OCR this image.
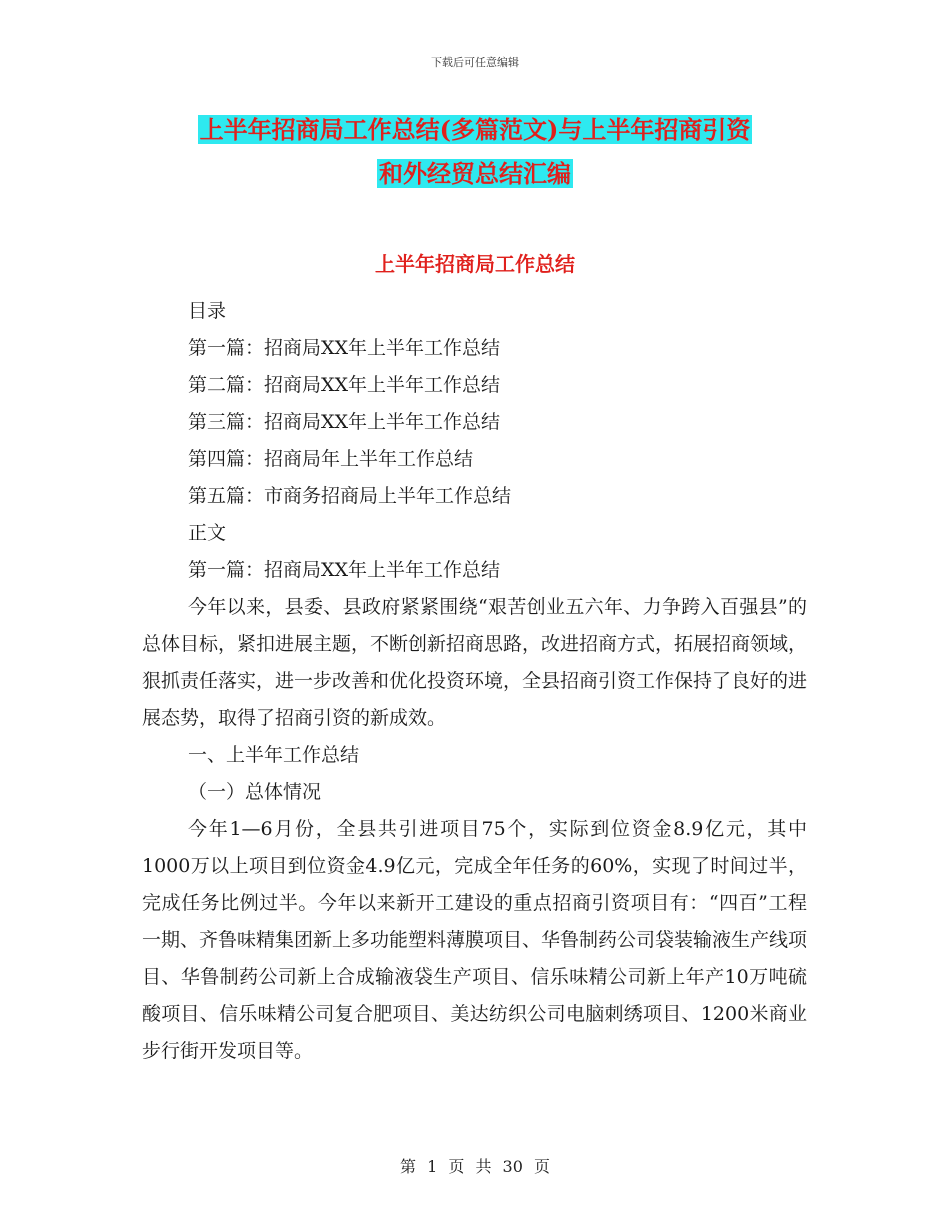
下载后可任意编辑
上半年招商局工作总结(多篇范文)与上半年招商引资
和外经贸总结汇编
上半年招商局工作总结
目录
第一篇：招商局XX年上半年工作总结
第二篇：招商局XX年上半年工作总结
第三篇：招商局XX年上半年工作总结
第四篇：招商局年上半年工作总结
第五篇：市商务招商局上半年工作总结
正文
第一篇：招商局XX年上半年工作总结
今年以来，县委、县政府紧紧围绕“艰苦创业五六年、力争跨入百强县”的总体目标，紧扣进展主题，不断创新招商思路，改进招商方式，拓展招商领域，狠抓责任落实，进一步改善和优化投资环境，全县招商引资工作保持了良好的进展态势，取得了招商引资的新成效。
一、上半年工作总结
（一）总体情况
今年1—6月份，全县共引进项目75个，实际到位资金8.9亿元，其中1000万以上项目到位资金4.9亿元，完成全年任务的60%，实现了时间过半，完成任务比例过半。今年以来新开工建设的重点招商引资项目有：“四百”工程一期、齐鲁味精集团新上多功能塑料薄膜项目、华鲁制药公司袋装输液生产线项目、华鲁制药公司新上合成输液袋生产项目、信乐味精公司新上年产10万吨硫酸项目、信乐味精公司复合肥项目、美达纺织公司电脑刺绣项目、1200米商业步行街开发项目等。
第 1 页 共 30 页
